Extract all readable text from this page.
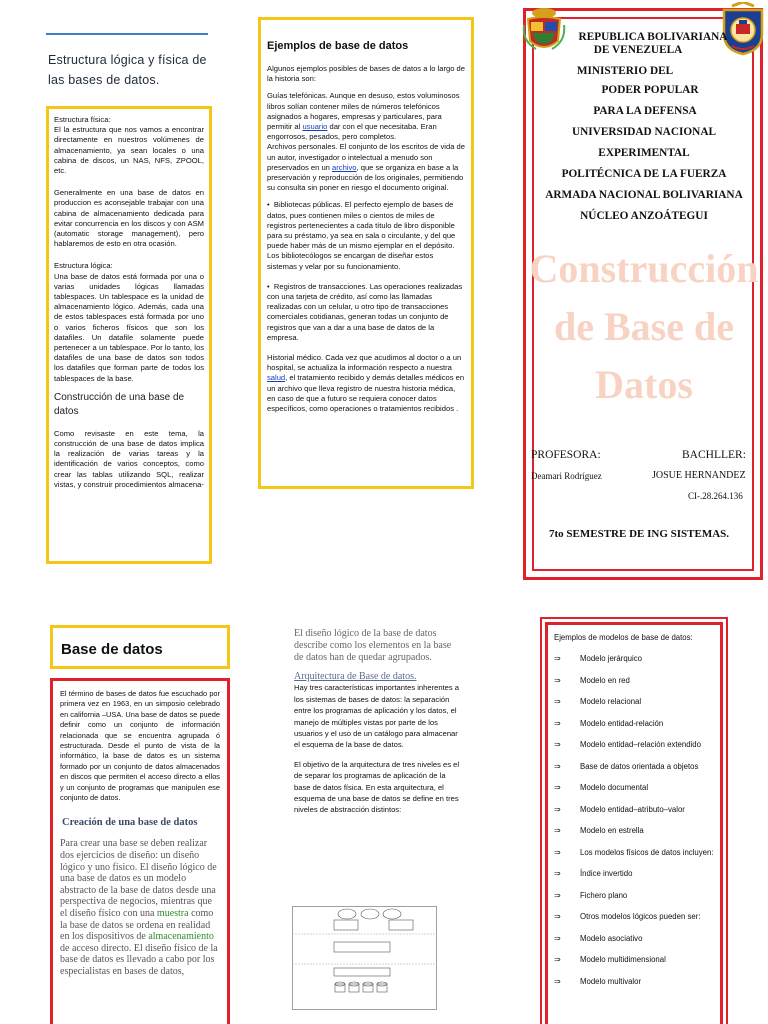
Estructura lógica y física de las bases de datos.

Estructura física:

El la estructura que nos vamos a encontrar directamente en nuestros volúmenes de almacenamiento, ya sean locales o una cabina de discos, un NAS, NFS, ZPOOL, etc.

Generalmente en una base de datos en produccion es aconsejable trabajar con una cabina de almacenamiento dedicada para evitar concurrencia en los discos y con ASM (automatic storage management), pero hablaremos de esto en otra ocasión.

Estructura lógica:

Una base de datos está formada por una o varias unidades lógicas llamadas tablespaces. Un tablespace es la unidad de almacenamiento lógico. Además, cada una de estos tablespaces está formada por uno o varios ficheros físicos que son los datafiles. Un datafile solamente puede pertenecer a un tablespace. Por lo tanto, los datafiles de una base de datos son todos los datafiles que forman parte de todos los tablespaces de la base.

Construcción de una base de datos
Como revisaste en este tema, la construcción de una base de datos implica la realización de varias tareas y la identificación de varios conceptos, como crear las tablas utilizando SQL, realizar vistas, y construir procedimientos almacena-
Ejemplos de base de datos

Algunos ejemplos posibles de bases de datos a lo largo de la historia son:

Guías telefónicas. Aunque en desuso, estos voluminosos libros solían contener miles de números telefónicos asignados a hogares, empresas y particulares, para permitir al usuario dar con el que necesitaba. Eran engorrosos, pesados, pero completos.

Archivos personales. El conjunto de los escritos de vida de un autor, investigador o intelectual a menudo son preservados en un archivo, que se organiza en base a la preservación y reproducción de los originales, permitiendo su consulta sin poner en riesgo el documento original.

•  Bibliotecas públicas. El perfecto ejemplo de bases de datos, pues contienen miles o cientos de miles de registros pertenecientes a cada título de libro disponible para su préstamo, ya sea en sala o circulante, y del que puede haber más de un mismo ejemplar en el depósito. Los bibliotecólogos se encargan de diseñar estos sistemas y velar por su funcionamiento.

•  Registros de transacciones. Las operaciones realizadas con una tarjeta de crédito, así como las llamadas realizadas con un celular, u otro tipo de transacciones comerciales cotidianas, generan todas un conjunto de registros que van a dar a una base de datos de la empresa.

Historial médico. Cada vez que acudimos al doctor o a un hospital, se actualiza la información respecto a nuestra salud, el tratamiento recibido y demás detalles médicos en un archivo que lleva registro de nuestra historia médica, en caso de que a futuro se requiera conocer datos específicos, como operaciones o tratamientos recibidos .

REPUBLICA BOLIVARIANA
DE VENEZUELA
MINISTERIO DEL
PODER POPULAR
PARA LA DEFENSA
UNIVERSIDAD NACIONAL
EXPERIMENTAL
POLITÉCNICA DE LA FUERZA
ARMADA NACIONAL BOLIVARIANA
NÚCLEO ANZOÁTEGUI
Construcción de Base de Datos
PROFESORA:
Deamari Rodríguez
BACHLLER:
JOSUE HERNANDEZ
CI-.28.264.136
7to SEMESTRE DE ING SISTEMAS.
Base de datos
El término de bases de datos fue escuchado por primera vez en 1963, en un simposio celebrado en california –USA. Una base de datos se puede definir como un conjunto de información relacionada que se encuentra agrupada ó estructurada. Desde el punto de vista de la informático, la base de datos es un sistema formado por un conjunto de datos almacenados en discos que permiten el acceso directo a ellos y un conjunto de programas que manipulen ese conjunto de datos.
Creación de una base de datos
Para crear una base se deben realizar dos ejercicios de diseño: un diseño lógico y uno físico. El diseño lógico de una base de datos es un modelo abstracto de la base de datos desde una perspectiva de negocios, mientras que el diseño físico con una muestra como la base de datos se ordena en realidad en los dispositivos de almacenamiento de acceso directo. El diseño físico de la base de datos es llevado a cabo por los especialistas en bases de datos,
El diseño lógico de la base de datos describe como los elementos en la base de datos han de quedar agrupados.
Arquitectura de Base de datos.
Hay tres características importantes inherentes a los sistemas de bases de datos: la separación entre los programas de aplicación y los datos, el manejo de múltiples vistas por parte de los usuarios y el uso de un catálogo para almacenar el esquema de la base de datos.
El objetivo de la arquitectura de tres niveles es el de separar los programas de aplicación de la base de datos física. En esta arquitectura, el esquema de una base de datos se define en tres niveles de abstracción distintos:
Ejemplos de modelos de base de datos:
⇒	Modelo jerárquico
⇒	Modelo en red
⇒	Modelo relacional
⇒	Modelo entidad-relación
⇒	Modelo entidad–relación extendido
⇒	Base de datos orientada a objetos
⇒	Modelo documental
⇒	Modelo entidad–atributo–valor
⇒	Modelo en estrella
⇒	Los modelos físicos de datos incluyen:
⇒	Índice invertido
⇒	Fichero plano
⇒	Otros modelos lógicos pueden ser:
⇒	Modelo asociativo
⇒	Modelo multidimensional
⇒	Modelo multivalor
